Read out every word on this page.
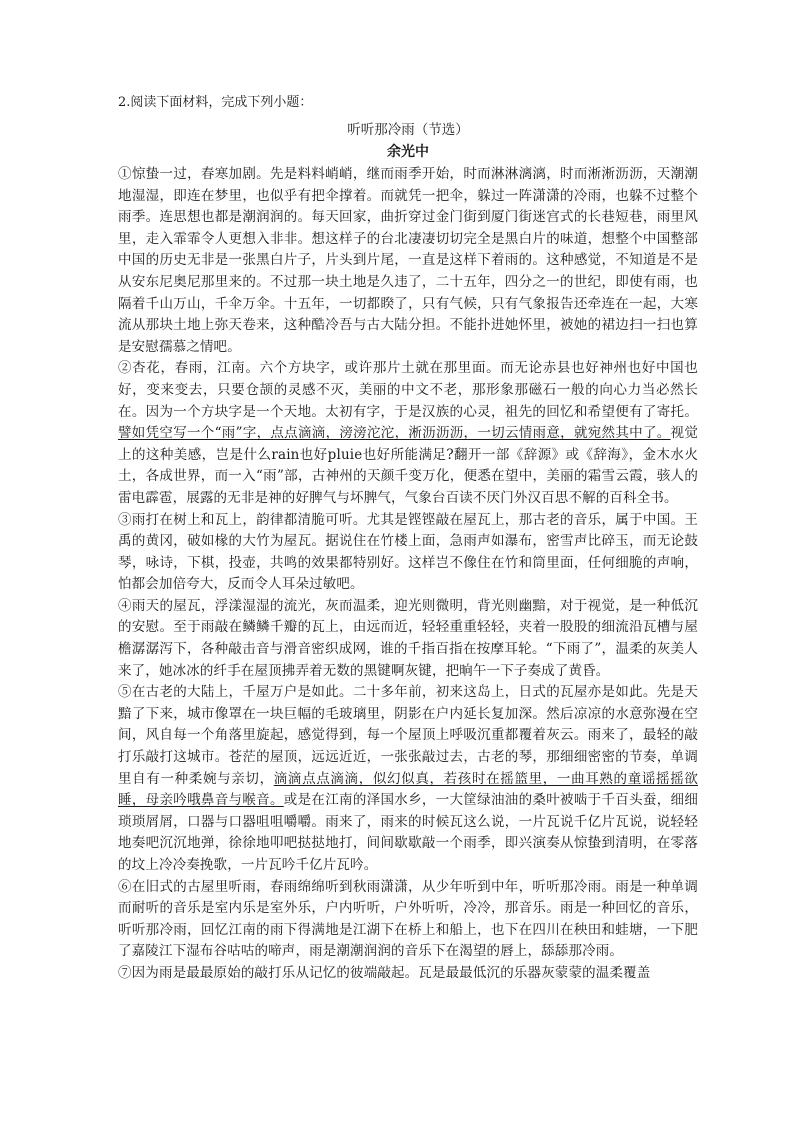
2.阅读下面材料，完成下列小题：

听听那冷雨（节选）

余光中

①惊蛰一过，春寒加剧。先是料料峭峭，继而雨季开始，时而淋淋漓漓，时而淅淅沥沥，天潮潮地湿湿，即连在梦里，也似乎有把伞撑着。而就凭一把伞，躲过一阵潇潇的冷雨，也躲不过整个雨季。连思想也都是潮润润的。每天回家，曲折穿过金门街到厦门街迷宫式的长巷短巷，雨里风里，走入霏霏令人更想入非非。想这样子的台北凄凄切切完全是黑白片的味道，想整个中国整部中国的历史无非是一张黑白片子，片头到片尾，一直是这样下着雨的。这种感觉，不知道是不是从安东尼奥尼那里来的。不过那一块土地是久违了，二十五年，四分之一的世纪，即使有雨，也隔着千山万山，千伞万伞。十五年，一切都睽了，只有气候，只有气象报告还牵连在一起，大寒流从那块土地上弥天卷来，这种酷冷吾与古大陆分担。不能扑进她怀里，被她的裙边扫一扫也算是安慰孺慕之情吧。

②杏花，春雨，江南。六个方块字，或许那片土就在那里面。而无论赤县也好神州也好中国也好，变来变去，只要仓颉的灵感不灭，美丽的中文不老，那形象那磁石一般的向心力当必然长在。因为一个方块字是一个天地。太初有字，于是汉族的心灵，祖先的回忆和希望便有了寄托。譬如凭空写一个“雨”字，点点滴滴，滂滂沱沱，淅沥沥沥，一切云情雨意，就宛然其中了。视觉上的这种美感，岂是什么rain也好pluie也好所能满足?翻开一部《辞源》或《辞海》，金木水火土，各成世界，而一入“雨”部，古神州的天颜千变万化，便悉在望中，美丽的霜雪云霞，骇人的雷电霹雹，展露的无非是神的好脾气与坏脾气，气象台百读不厌门外汉百思不解的百科全书。

③雨打在树上和瓦上，韵律都清脆可听。尤其是铿铿敲在屋瓦上，那古老的音乐，属于中国。王禹的黄冈，破如椽的大竹为屋瓦。据说住在竹楼上面，急雨声如瀑布，密雪声比碎玉，而无论鼓琴，咏诗，下棋，投壶，共鸣的效果都特别好。这样岂不像住在竹和筒里面，任何细脆的声响，怕都会加倍夸大，反而令人耳朵过敏吧。

④雨天的屋瓦，浮漾湿湿的流光，灰而温柔，迎光则微明，背光则幽黯，对于视觉，是一种低沉的安慰。至于雨敲在鳞鳞千瓣的瓦上，由远而近，轻轻重重轻轻，夹着一股股的细流沿瓦槽与屋檐潺潺泻下，各种敲击音与滑音密织成网，谁的千指百指在按摩耳轮。“下雨了”，温柔的灰美人来了，她冰冰的纤手在屋顶拂弄着无数的黑键啊灰键，把晌午一下子奏成了黄昏。

⑤在古老的大陆上，千屋万户是如此。二十多年前，初来这岛上，日式的瓦屋亦是如此。先是天黯了下来，城市像罩在一块巨幅的毛玻璃里，阴影在户内延长复加深。然后凉凉的水意弥漫在空间，风自每一个角落里旋起，感觉得到，每一个屋顶上呼吸沉重都覆着灰云。雨来了，最轻的敲打乐敲打这城市。苍茫的屋顶，远远近近，一张张敲过去，古老的琴，那细细密密的节奏，单调里自有一种柔婉与亲切，滴滴点点滴滴，似幻似真，若孩时在摇篮里，一曲耳熟的童谣摇摇欲睡，母亲吟哦鼻音与喉音。或是在江南的泽国水乡，一大筐绿油油的桑叶被啮于千百头蚕，细细琐琐屑屑，口器与口器咀咀嚼嚼。雨来了，雨来的时候瓦这么说，一片瓦说千亿片瓦说，说轻轻地奏吧沉沉地弹，徐徐地叩吧挞挞地打，间间歇歇敲一个雨季，即兴演奏从惊蛰到清明，在零落的坟上冷冷奏挽歌，一片瓦吟千亿片瓦吟。

⑥在旧式的古屋里听雨，春雨绵绵听到秋雨潇潇，从少年听到中年，听听那冷雨。雨是一种单调而耐听的音乐是室内乐是室外乐，户内听听，户外听听，冷冷，那音乐。雨是一种回忆的音乐，听听那冷雨，回忆江南的雨下得满地是江湖下在桥上和船上，也下在四川在秧田和蛙塘，一下肥了嘉陵江下湿布谷咕咕的啼声，雨是潮潮润润的音乐下在渴望的唇上，舔舔那冷雨。

⑦因为雨是最最原始的敲打乐从记忆的彼端敲起。瓦是最最低沉的乐器灰蒙蒙的温柔覆盖
